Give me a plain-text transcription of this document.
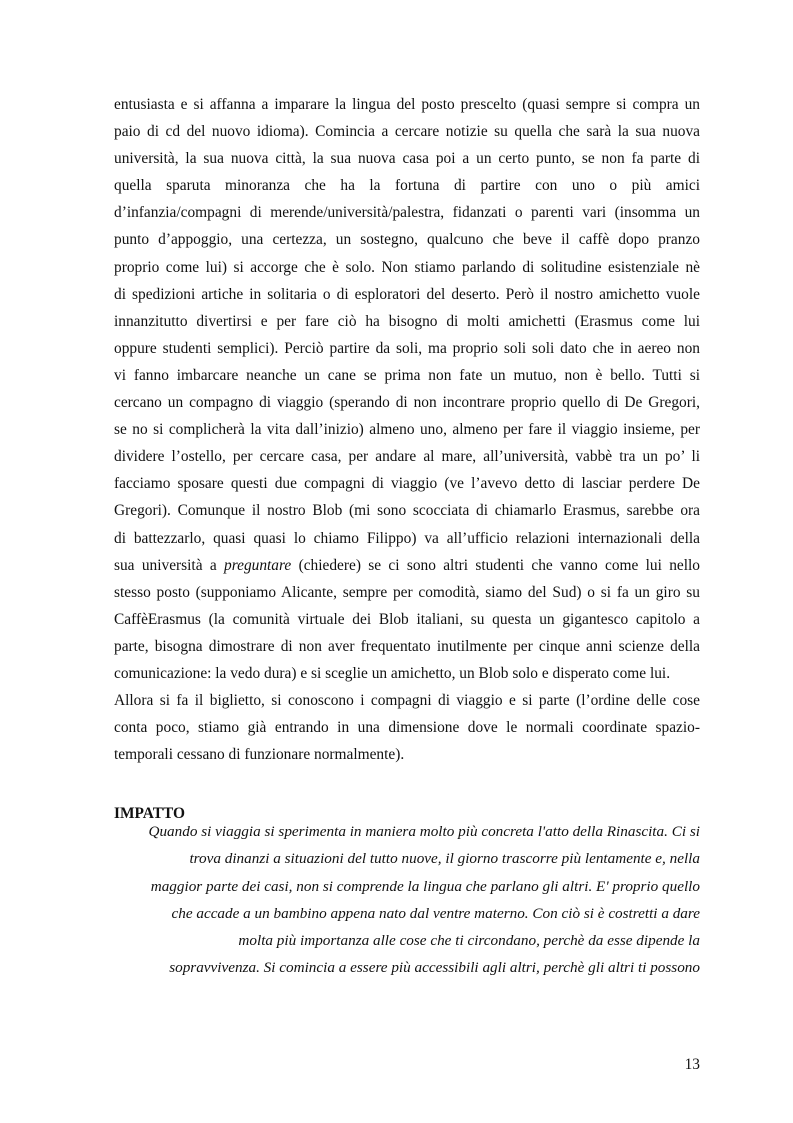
entusiasta e si affanna a imparare la lingua del posto prescelto (quasi sempre si compra un
paio di cd del nuovo idioma). Comincia a cercare notizie su quella che sarà la sua nuova
università, la sua nuova città, la sua nuova casa poi a un certo punto, se non fa parte di
quella sparuta minoranza che ha la fortuna di partire con uno o più amici
d’infanzia/compagni di merende/università/palestra, fidanzati o parenti vari (insomma un
punto d’appoggio, una certezza, un sostegno, qualcuno che beve il caffè dopo pranzo
proprio come lui) si accorge che è solo. Non stiamo parlando di solitudine esistenziale nè
di spedizioni artiche in solitaria o di esploratori del deserto. Però il nostro amichetto vuole
innanzitutto divertirsi e per fare ciò ha bisogno di molti amichetti (Erasmus come lui
oppure studenti semplici). Perciò partire da soli, ma proprio soli soli dato che in aereo non
vi fanno imbarcare neanche un cane se prima non fate un mutuo, non è bello. Tutti si
cercano un compagno di viaggio (sperando di non incontrare proprio quello di De Gregori,
se no si complicherà la vita dall’inizio) almeno uno, almeno per fare il viaggio insieme, per
dividere l’ostello, per cercare casa, per andare al mare, all’università, vabbè tra un po’ li
facciamo sposare questi due compagni di viaggio (ve l’avevo detto di lasciar perdere De
Gregori). Comunque il nostro Blob (mi sono scocciata di chiamarlo Erasmus, sarebbe ora
di battezzarlo, quasi quasi lo chiamo Filippo) va all’ufficio relazioni internazionali della
sua università a preguntare (chiedere) se ci sono altri studenti che vanno come lui nello
stesso posto (supponiamo Alicante, sempre per comodità, siamo del Sud) o si fa un giro su
CaffèErasmus (la comunità virtuale dei Blob italiani, su questa un gigantesco capitolo a
parte, bisogna dimostrare di non aver frequentato inutilmente per cinque anni scienze della
comunicazione: la vedo dura) e si sceglie un amichetto, un Blob solo e disperato come lui.
Allora si fa il biglietto, si conoscono i compagni di viaggio e si parte (l’ordine delle cose
conta poco, stiamo già entrando in una dimensione dove le normali coordinate spazio-
temporali cessano di funzionare normalmente).
IMPATTO
Quando si viaggia si sperimenta in maniera molto più concreta l'atto della Rinascita. Ci si
trova dinanzi a situazioni del tutto nuove, il giorno trascorre più lentamente e, nella
maggior parte dei casi, non si comprende la lingua che parlano gli altri. E' proprio quello
che accade a un bambino appena nato dal ventre materno. Con ciò si è costretti a dare
molta più importanza alle cose che ti circondano, perchè da esse dipende la
sopravvivenza. Si comincia a essere più accessibili agli altri, perchè gli altri ti possono
13
